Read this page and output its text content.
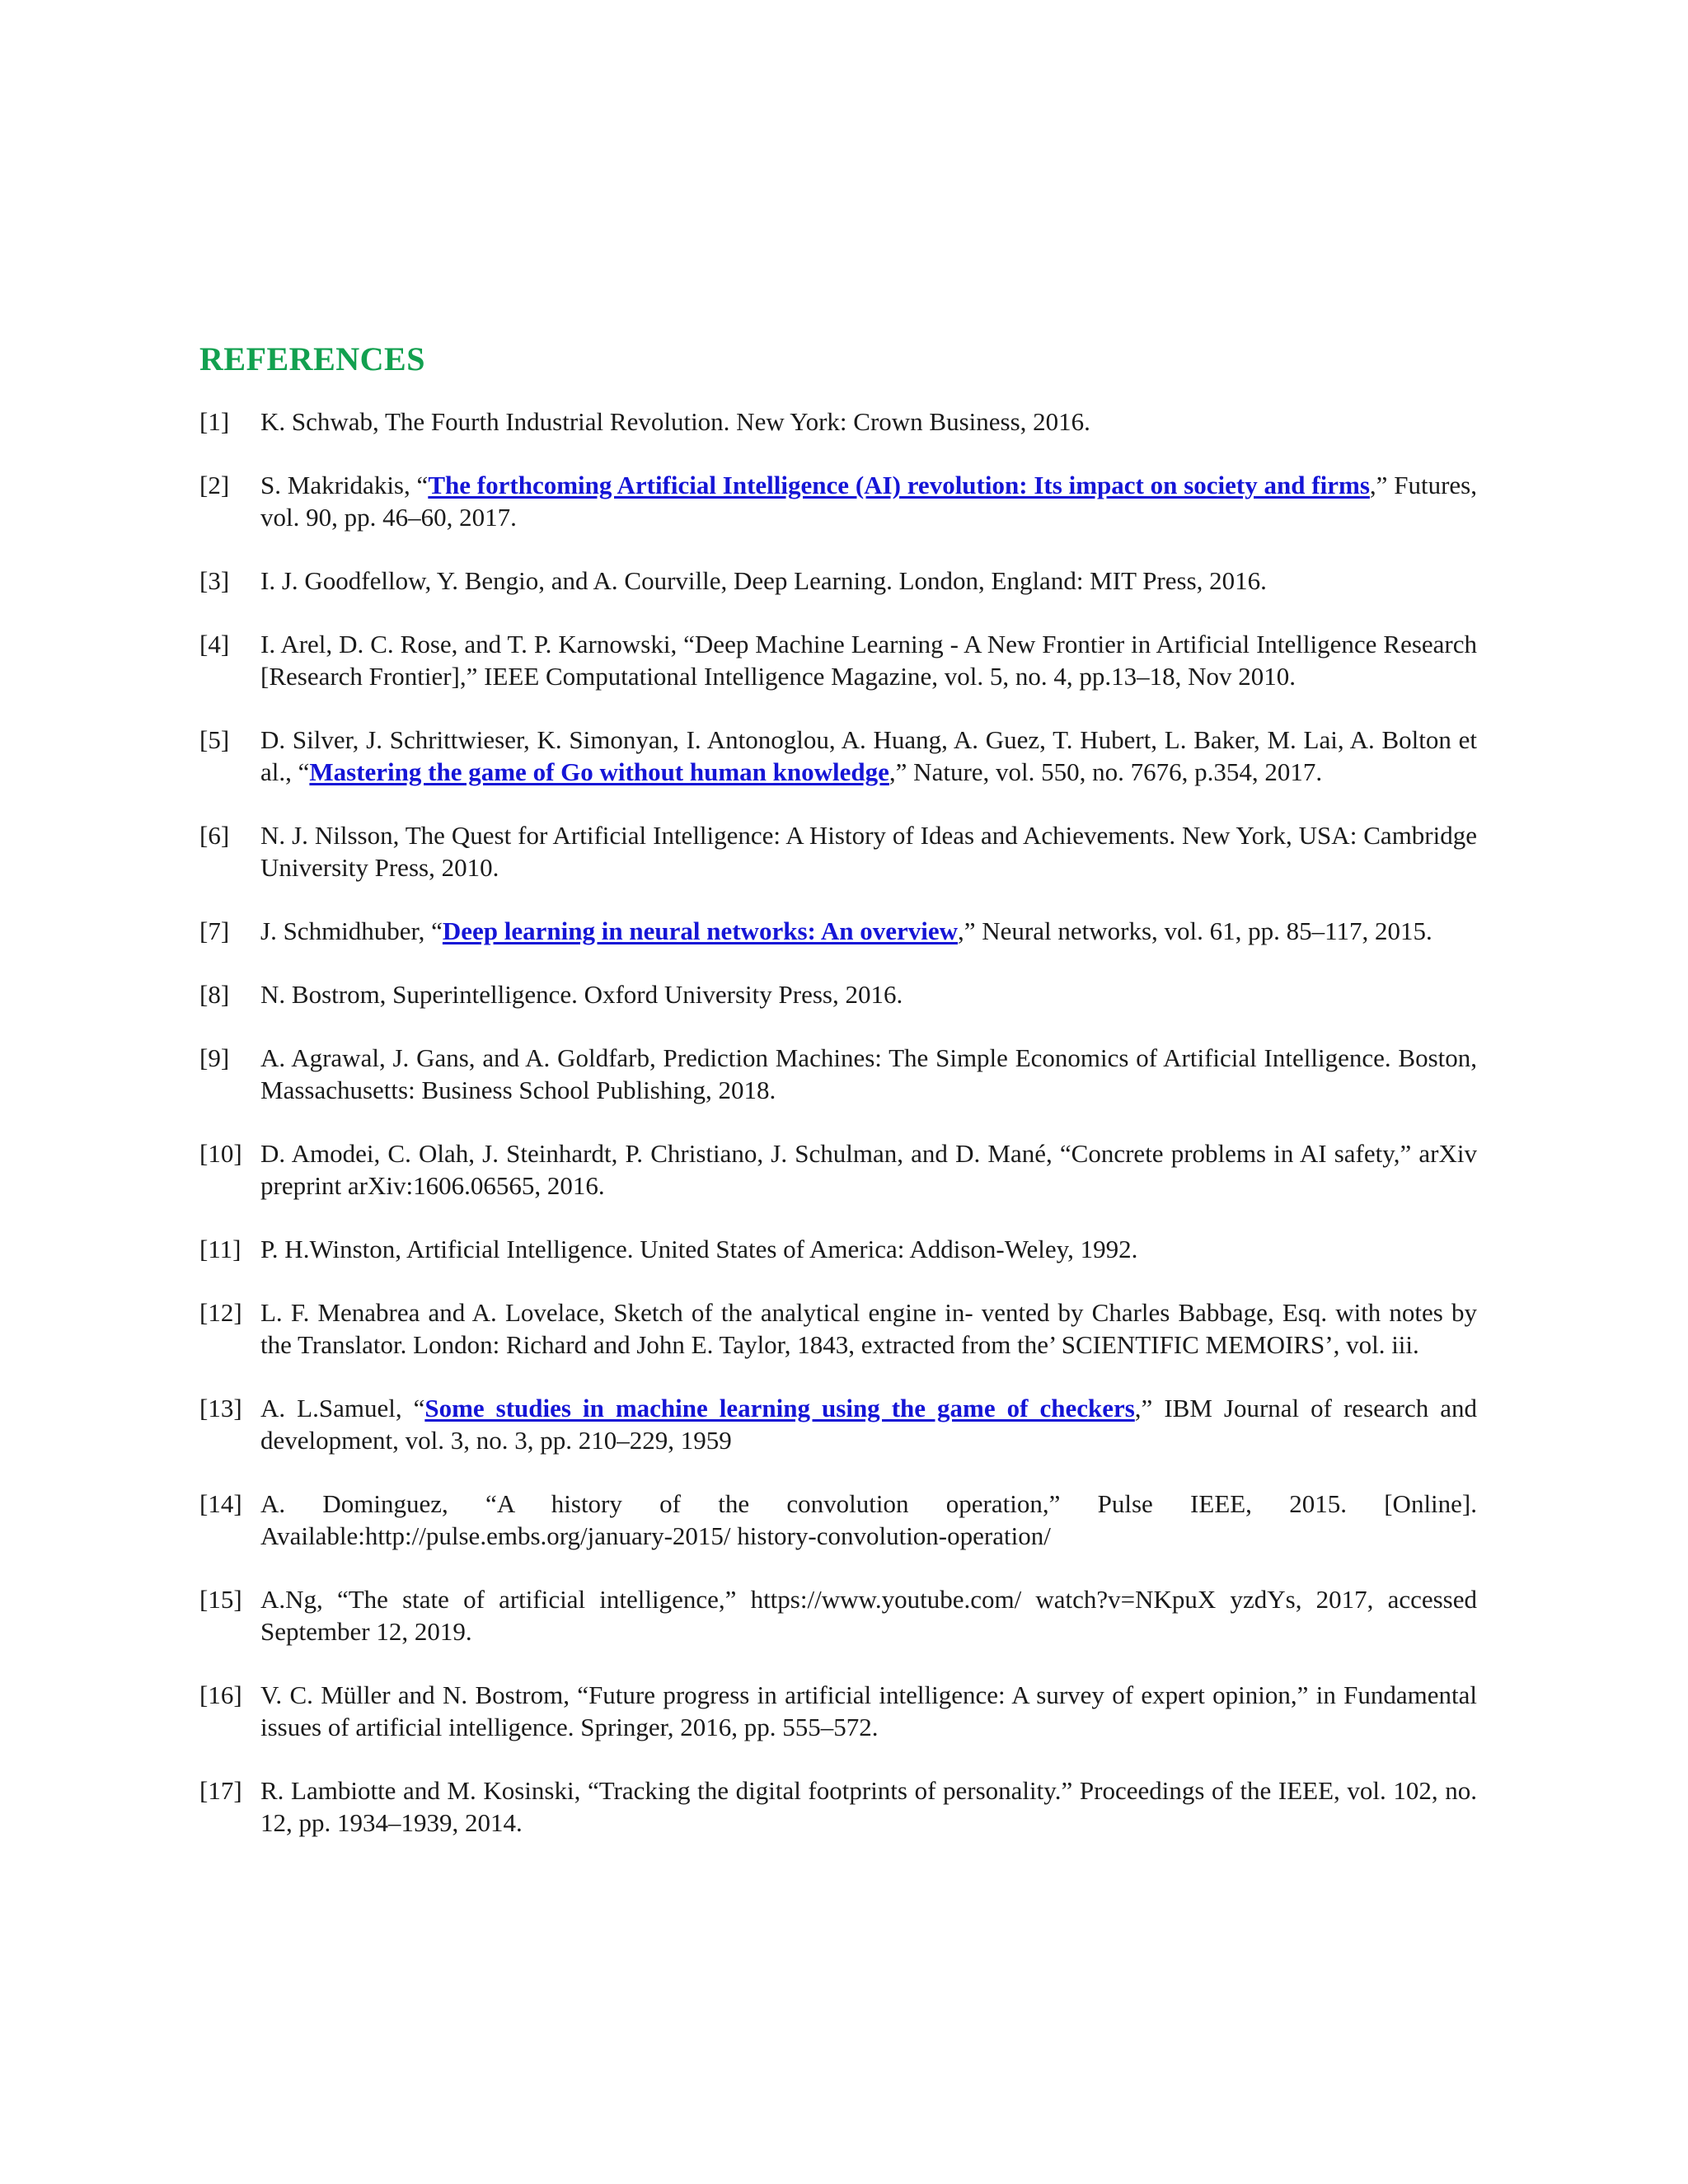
REFERENCES
[1] K. Schwab, The Fourth Industrial Revolution. New York: Crown Business, 2016.
[2] S. Makridakis, “The forthcoming Artificial Intelligence (AI) revolution: Its impact on society and firms,” Futures, vol. 90, pp. 46–60, 2017.
[3] I. J. Goodfellow, Y. Bengio, and A. Courville, Deep Learning. London, England: MIT Press, 2016.
[4] I. Arel, D. C. Rose, and T. P. Karnowski, “Deep Machine Learning - A New Frontier in Artificial Intelligence Research [Research Frontier],” IEEE Computational Intelligence Magazine, vol. 5, no. 4, pp.13–18, Nov 2010.
[5] D. Silver, J. Schrittwieser, K. Simonyan, I. Antonoglou, A. Huang, A. Guez, T. Hubert, L. Baker, M. Lai, A. Bolton et al., “Mastering the game of Go without human knowledge,” Nature, vol. 550, no. 7676, p.354, 2017.
[6] N. J. Nilsson, The Quest for Artificial Intelligence: A History of Ideas and Achievements. New York, USA: Cambridge University Press, 2010.
[7] J. Schmidhuber, “Deep learning in neural networks: An overview,” Neural networks, vol. 61, pp. 85–117, 2015.
[8] N. Bostrom, Superintelligence. Oxford University Press, 2016.
[9] A. Agrawal, J. Gans, and A. Goldfarb, Prediction Machines: The Simple Economics of Artificial Intelligence. Boston, Massachusetts: Business School Publishing, 2018.
[10] D. Amodei, C. Olah, J. Steinhardt, P. Christiano, J. Schulman, and D. Mané, “Concrete problems in AI safety,” arXiv preprint arXiv:1606.06565, 2016.
[11] P. H.Winston, Artificial Intelligence. United States of America: Addison-Weley, 1992.
[12] L. F. Menabrea and A. Lovelace, Sketch of the analytical engine in- vented by Charles Babbage, Esq. with notes by the Translator. London: Richard and John E. Taylor, 1843, extracted from the’ SCIENTIFIC MEMOIRS’, vol. iii.
[13] A. L.Samuel, “Some studies in machine learning using the game of checkers,” IBM Journal of research and development, vol. 3, no. 3, pp. 210–229, 1959
[14] A. Dominguez, “A history of the convolution operation,” Pulse IEEE, 2015. [Online]. Available:http://pulse.embs.org/january-2015/ history-convolution-operation/
[15] A.Ng, “The state of artificial intelligence,” https://www.youtube.com/ watch?v=NKpuX yzdYs, 2017, accessed September 12, 2019.
[16] V. C. Müller and N. Bostrom, “Future progress in artificial intelligence: A survey of expert opinion,” in Fundamental issues of artificial intelligence. Springer, 2016, pp. 555–572.
[17] R. Lambiotte and M. Kosinski, “Tracking the digital footprints of personality.” Proceedings of the IEEE, vol. 102, no. 12, pp. 1934–1939, 2014.
